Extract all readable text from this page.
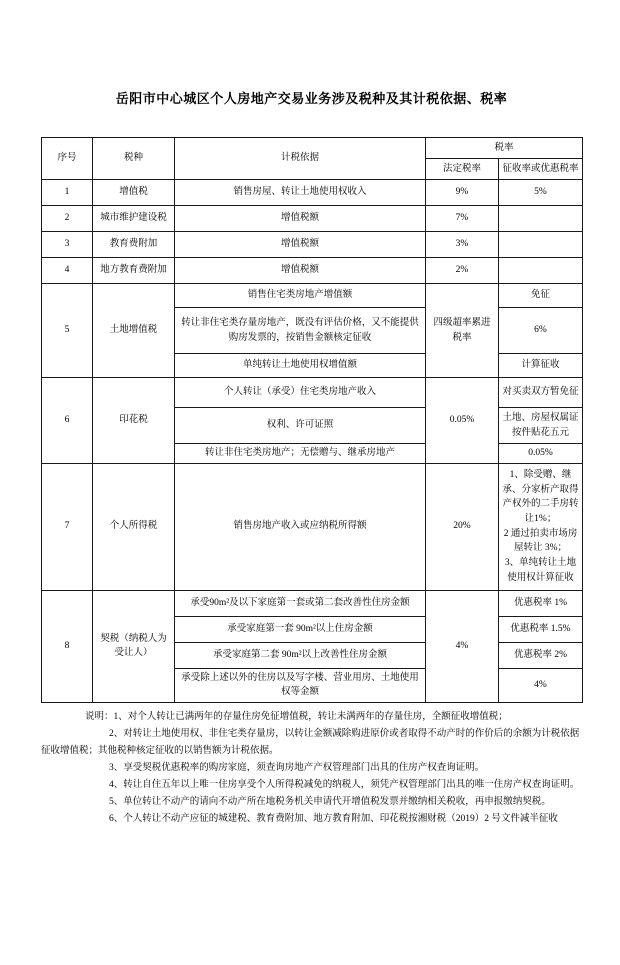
岳阳市中心城区个人房地产交易业务涉及税种及其计税依据、税率
序号	税种	计税依据	税率	
			法定税率	征收率或优惠税率
1	增值税	销售房屋、转让土地使用权收入	9%	5%
2	城市维护建设税	增值税额	7%	
3	教育费附加	增值税额	3%	
4	地方教育费附加	增值税额	2%	
5	土地增值税	销售住宅类房地产增值额	四级超率累进税率	免征
		转让非住宅类存量房地产，既没有评估价格，又不能提供购房发票的，按销售金额核定征收		6%
		单纯转让土地使用权增值额		计算征收
6	印花税	个人转让（承受）住宅类房地产收入	0.05%	对买卖双方暂免征
		权利、许可证照		土地、房屋权属证按件贴花五元
		转让非住宅类房地产；无偿赠与、继承房地产		0.05%
7	个人所得税	销售房地产收入或应纳税所得额	20%	1、除受赠、继承、分家析产取得产权外的二手房转让1%；
2 通过拍卖市场房屋转让 3%；
3、单纯转让土地使用权计算征收

8	契税（纳税人为受让人）	承受90m²及以下家庭第一套或第二套改善性住房金额	4%	优惠税率 1%
		承受家庭第一套 90m²以上住房金额		优惠税率 1.5%
		承受家庭第二套 90m²以上改善性住房金额		优惠税率 2%
		承受除上述以外的住房以及写字楼、营业用房、土地使用权等金额		4%

说明：1、对个人转让已满两年的存量住房免征增值税，转让未满两年的存量住房，全额征收增值税；

2、对转让土地使用权、非住宅类存量房，以转让金额减除购进原价或者取得不动产时的作价后的余额为计税依据征收增值税；其他税种核定征收的以销售额为计税依据。

3、享受契税优惠税率的购房家庭，须查询房地产产权管理部门出具的住房产权查询证明。

4、转让自住五年以上唯一住房享受个人所得税减免的纳税人，须凭产权管理部门出具的唯一住房产权查询证明。

5、单位转让不动产的请向不动产所在地税务机关申请代开增值税发票并缴纳相关税收，再申报缴纳契税。

6、个人转让不动产应征的城建税、教育费附加、地方教育附加、印花税按湘财税（2019）2 号文件减半征收
